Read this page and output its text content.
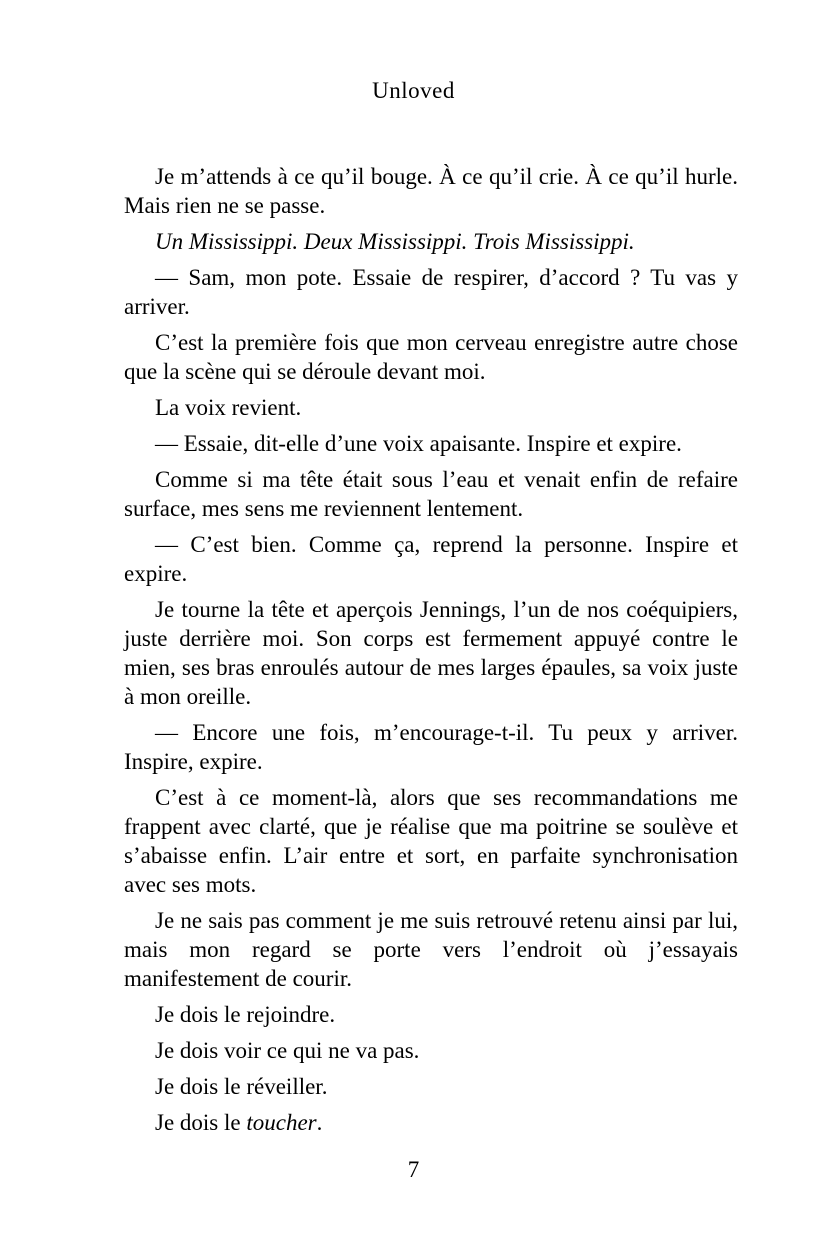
Unloved

Je m’attends à ce qu’il bouge. À ce qu’il crie. À ce qu’il hurle. Mais rien ne se passe.

Un Mississippi. Deux Mississippi. Trois Mississippi.

— Sam, mon pote. Essaie de respirer, d’accord ? Tu vas y arriver.

C’est la première fois que mon cerveau enregistre autre chose que la scène qui se déroule devant moi.

La voix revient.

— Essaie, dit-elle d’une voix apaisante. Inspire et expire.

Comme si ma tête était sous l’eau et venait enfin de refaire surface, mes sens me reviennent lentement.

— C’est bien. Comme ça, reprend la personne. Inspire et expire.

Je tourne la tête et aperçois Jennings, l’un de nos coéquipiers, juste derrière moi. Son corps est fermement appuyé contre le mien, ses bras enroulés autour de mes larges épaules, sa voix juste à mon oreille.

— Encore une fois, m’encourage-t-il. Tu peux y arriver. Inspire, expire.

C’est à ce moment-là, alors que ses recommandations me frappent avec clarté, que je réalise que ma poitrine se soulève et s’abaisse enfin. L’air entre et sort, en parfaite synchronisation avec ses mots.

Je ne sais pas comment je me suis retrouvé retenu ainsi par lui, mais mon regard se porte vers l’endroit où j’essayais manifestement de courir.

Je dois le rejoindre.

Je dois voir ce qui ne va pas.

Je dois le réveiller.

Je dois le toucher.

7
